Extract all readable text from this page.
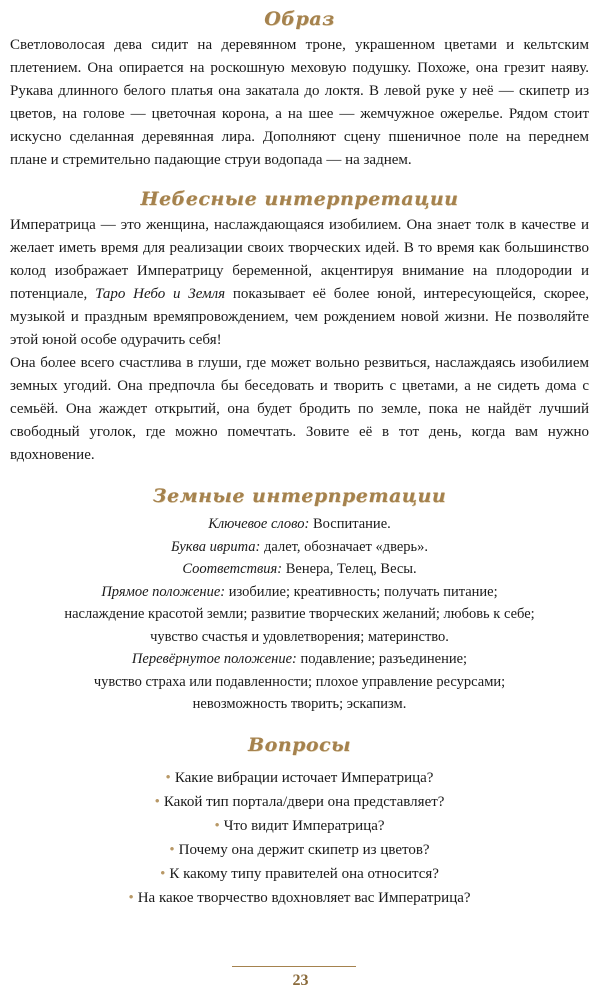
Образ

Светловолосая дева сидит на деревянном троне, украшенном цветами и кельтским плетением. Она опирается на роскошную меховую подушку. Похоже, она грезит наяву. Рукава длинного белого платья она закатала до локтя. В левой руке у неё — скипетр из цветов, на голове — цветочная корона, а на шее — жемчужное ожерелье. Рядом стоит искусно сделанная деревянная лира. Дополняют сцену пшеничное поле на переднем плане и стремительно падающие струи водопада — на заднем.

Небесные интерпретации

Императрица — это женщина, наслаждающаяся изобилием. Она знает толк в качестве и желает иметь время для реализации своих творческих идей. В то время как большинство колод изображает Императрицу беременной, акцентируя внимание на плодородии и потенциале, Таро Небо и Земля показывает её более юной, интересующейся, скорее, музыкой и праздным времяпровождением, чем рождением новой жизни. Не позволяйте этой юной особе одурачить себя!

Она более всего счастлива в глуши, где может вольно резвиться, наслаждаясь изобилием земных угодий. Она предпочла бы беседовать и творить с цветами, а не сидеть дома с семьёй. Она жаждет открытий, она будет бродить по земле, пока не найдёт лучший свободный уголок, где можно помечтать. Зовите её в тот день, когда вам нужно вдохновение.

Земные интерпретации

Ключевое слово: Воспитание.

Буква иврита: далет, обозначает «дверь».

Соответствия: Венера, Телец, Весы.

Прямое положение: изобилие; креативность; получать питание;

наслаждение красотой земли; развитие творческих желаний; любовь к себе;

чувство счастья и удовлетворения; материнство.

Перевёрнутое положение: подавление; разъединение;

чувство страха или подавленности; плохое управление ресурсами;

невозможность творить; эскапизм.

Вопросы
• Какие вибрации источает Императрица?
• Какой тип портала/двери она представляет?
• Что видит Императрица?
• Почему она держит скипетр из цветов?
• К какому типу правителей она относится?
• На какое творчество вдохновляет вас Императрица?
23
